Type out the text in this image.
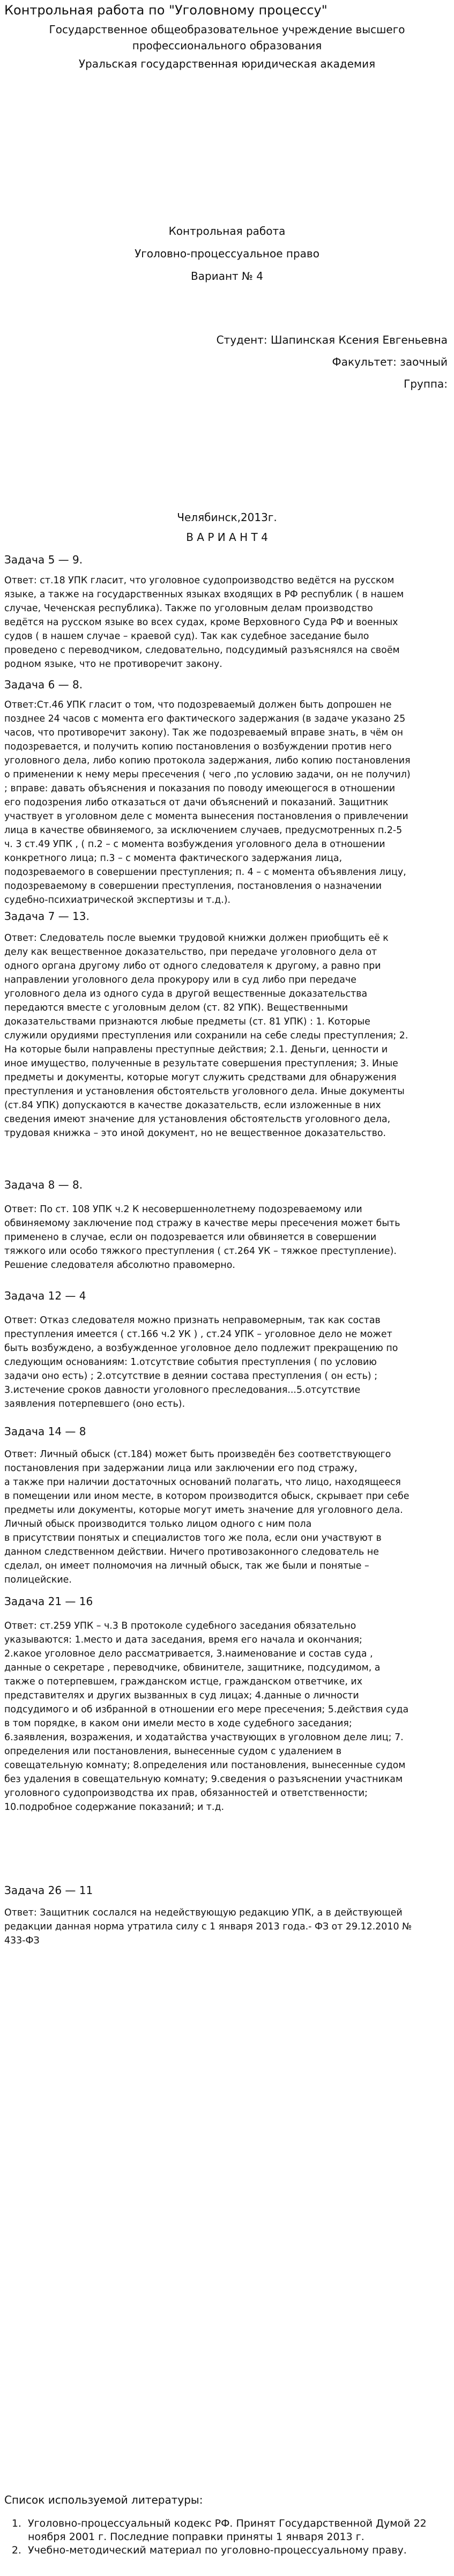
Контрольная работа по "Уголовному процессу"
Государственное общеобразовательное учреждение высшего
профессионального образования
Уральская государственная юридическая академия
Контрольная работа
Уголовно-процессуальное право
Вариант № 4
Студент: Шапинская Ксения Евгеньевна
Факультет: заочный
Группа:
Челябинск,2013г.
В А Р И А Н Т 4
Задача 5 — 9.
Ответ: ст.18 УПК гласит, что уголовное судопроизводство ведётся на русском
языке, а также на государственных языках входящих в РФ республик ( в нашем
случае, Чеченская республика). Также по уголовным делам производство
ведётся на русском языке во всех судах, кроме Верховного Суда РФ и военных
судов ( в нашем случае – краевой суд). Так как судебное заседание было
проведено с переводчиком, следовательно, подсудимый разъяснялся на своём
родном языке, что не противоречит закону.
Задача 6 — 8.
Ответ:Ст.46 УПК гласит о том, что подозреваемый должен быть допрошен не
позднее 24 часов с момента его фактического задержания (в задаче указано 25
часов, что противоречит закону). Так же подозреваемый вправе знать, в чём он
подозревается, и получить копию постановления о возбуждении против него
уголовного дела, либо копию протокола задержания, либо копию постановления
о применении к нему меры пресечения ( чего ,по условию задачи, он не получил)
; вправе: давать объяснения и показания по поводу имеющегося в отношении
его подозрения либо отказаться от дачи объяснений и показаний. Защитник
участвует в уголовном деле с момента вынесения постановления о привлечении
лица в качестве обвиняемого, за исключением случаев, предусмотренных п.2-5
ч. 3 ст.49 УПК , ( п.2 – с момента возбуждения уголовного дела в отношении
конкретного лица; п.3 – с момента фактического задержания лица,
подозреваемого в совершении преступления; п. 4 – с момента объявления лицу,
подозреваемому в совершении преступления, постановления о назначении
судебно-психиатрической экспертизы и т.д.).
Задача 7 — 13.
Ответ: Следователь после выемки трудовой книжки должен приобщить её к
делу как вещественное доказательство, при передаче уголовного дела от
одного органа другому либо от одного следователя к другому, а равно при
направлении уголовного дела прокурору или в суд либо при передаче
уголовного дела из одного суда в другой вещественные доказательства
передаются вместе с уголовным делом (ст. 82 УПК). Вещественными
доказательствами признаются любые предметы (ст. 81 УПК) : 1. Которые
служили орудиями преступления или сохранили на себе следы преступления; 2.
На которые были направлены преступные действия; 2.1. Деньги, ценности и
иное имущество, полученные в результате совершения преступления; 3. Иные
предметы и документы, которые могут служить средствами для обнаружения
преступления и установления обстоятельств уголовного дела. Иные документы
(ст.84 УПК) допускаются в качестве доказательств, если изложенные в них
сведения имеют значение для установления обстоятельств уголовного дела,
трудовая книжка – это иной документ, но не вещественное доказательство.
Задача 8 — 8.
Ответ: По ст. 108 УПК ч.2 К несовершеннолетнему подозреваемому или
обвиняемому заключение под стражу в качестве меры пресечения может быть
применено в случае, если он подозревается или обвиняется в совершении
тяжкого или особо тяжкого преступления ( ст.264 УК – тяжкое преступление).
Решение следователя абсолютно правомерно.
Задача 12 — 4
Ответ: Отказ следователя можно признать неправомерным, так как состав
преступления имеется ( ст.166 ч.2 УК ) , ст.24 УПК – уголовное дело не может
быть возбуждено, а возбужденное уголовное дело подлежит прекращению по
следующим основаниям: 1.отсутствие события преступления ( по условию
задачи оно есть) ; 2.отсутствие в деянии состава преступления ( он есть) ;
3.истечение сроков давности уголовного преследования...5.отсутствие
заявления потерпевшего (оно есть).
Задача 14 — 8
Ответ: Личный обыск (ст.184) может быть произведён без соответствующего
постановления при задержании лица или заключении его под стражу,
а также при наличии достаточных оснований полагать, что лицо, находящееся
в помещении или ином месте, в котором производится обыск, скрывает при себе
предметы или документы, которые могут иметь значение для уголовного дела.
Личный обыск производится только лицом одного с ним пола
в присутствии понятых и специалистов того же пола, если они участвуют в
данном следственном действии. Ничего противозаконного следователь не
сделал, он имеет полномочия на личный обыск, так же были и понятые –
полицейские.
Задача 21 — 16
Ответ: ст.259 УПК – ч.3 В протоколе судебного заседания обязательно
указываются: 1.место и дата заседания, время его начала и окончания;
2.какое уголовное дело рассматривается, 3.наименование и состав суда ,
данные о секретаре , переводчике, обвинителе, защитнике, подсудимом, а
также о потерпевшем, гражданском истце, гражданском ответчике, их
представителях и других вызванных в суд лицах; 4.данные о личности
подсудимого и об избранной в отношении его мере пресечения; 5.действия суда
в том порядке, в каком они имели место в ходе судебного заседания;
6.заявления, возражения, и ходатайства участвующих в уголовном деле лиц; 7.
определения или постановления, вынесенные судом с удалением в
совещательную комнату; 8.определения или постановления, вынесенные судом
без удаления в совещательную комнату; 9.сведения о разъяснении участникам
уголовного судопроизводства их прав, обязанностей и ответственности;
10.подробное содержание показаний; и т.д.
Задача 26 — 11
Ответ: Защитник сослался на недействующую редакцию УПК, а в действующей
редакции данная норма утратила силу с 1 января 2013 года.- ФЗ от 29.12.2010 №
433-ФЗ
Список используемой литературы:
1. Уголовно-процессуальный кодекс РФ. Принят Государственной Думой 22 ноября 2001 г. Последние поправки приняты 1 января 2013 г.
2. Учебно-методический материал по уголовно-процессуальному праву.
